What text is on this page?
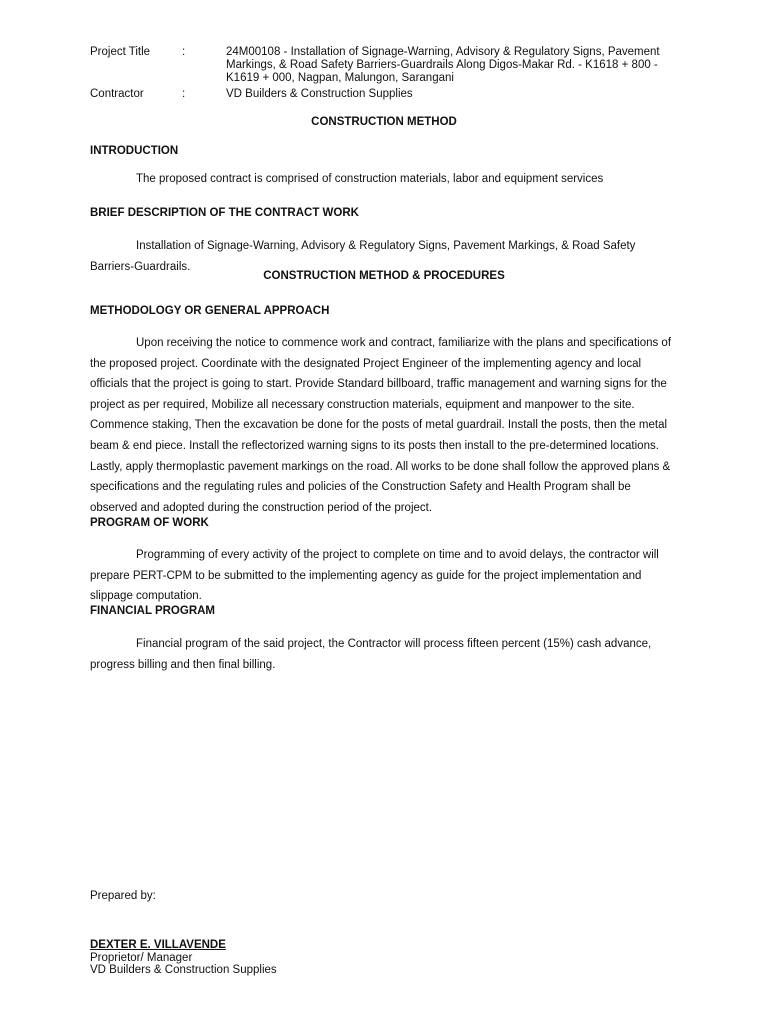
Project Title	:	24M00108 - Installation of Signage-Warning, Advisory & Regulatory Signs, Pavement Markings, & Road Safety Barriers-Guardrails Along Digos-Makar Rd. - K1618 + 800 - K1619 + 000, Nagpan, Malungon, Sarangani
Contractor	:	VD Builders & Construction Supplies
CONSTRUCTION METHOD
INTRODUCTION

The proposed contract is comprised of construction materials, labor and equipment services

BRIEF DESCRIPTION OF THE CONTRACT WORK

Installation of Signage-Warning, Advisory & Regulatory Signs, Pavement Markings, & Road Safety Barriers-Guardrails.

CONSTRUCTION METHOD & PROCEDURES
METHODOLOGY OR GENERAL APPROACH

Upon receiving the notice to commence work and contract, familiarize with the plans and specifications of the proposed project. Coordinate with the designated Project Engineer of the implementing agency and local officials that the project is going to start. Provide Standard billboard, traffic management and warning signs for the project as per required, Mobilize all necessary construction materials, equipment and manpower to the site. Commence staking, Then the excavation be done for the posts of metal guardrail. Install the posts, then the metal beam & end piece. Install the reflectorized warning signs to its posts then install to the pre-determined locations. Lastly, apply thermoplastic pavement markings on the road. All works to be done shall follow the approved plans & specifications and the regulating rules and policies of the Construction Safety and Health Program shall be observed and adopted during the construction period of the project.

PROGRAM OF WORK

Programming of every activity of the project to complete on time and to avoid delays, the contractor will prepare PERT-CPM to be submitted to the implementing agency as guide for the project implementation and slippage computation.

FINANCIAL PROGRAM

Financial program of the said project, the Contractor will process fifteen percent (15%) cash advance, progress billing and then final billing.

Prepared by:
DEXTER E. VILLAVENDE
Proprietor/ Manager
VD Builders & Construction Supplies
